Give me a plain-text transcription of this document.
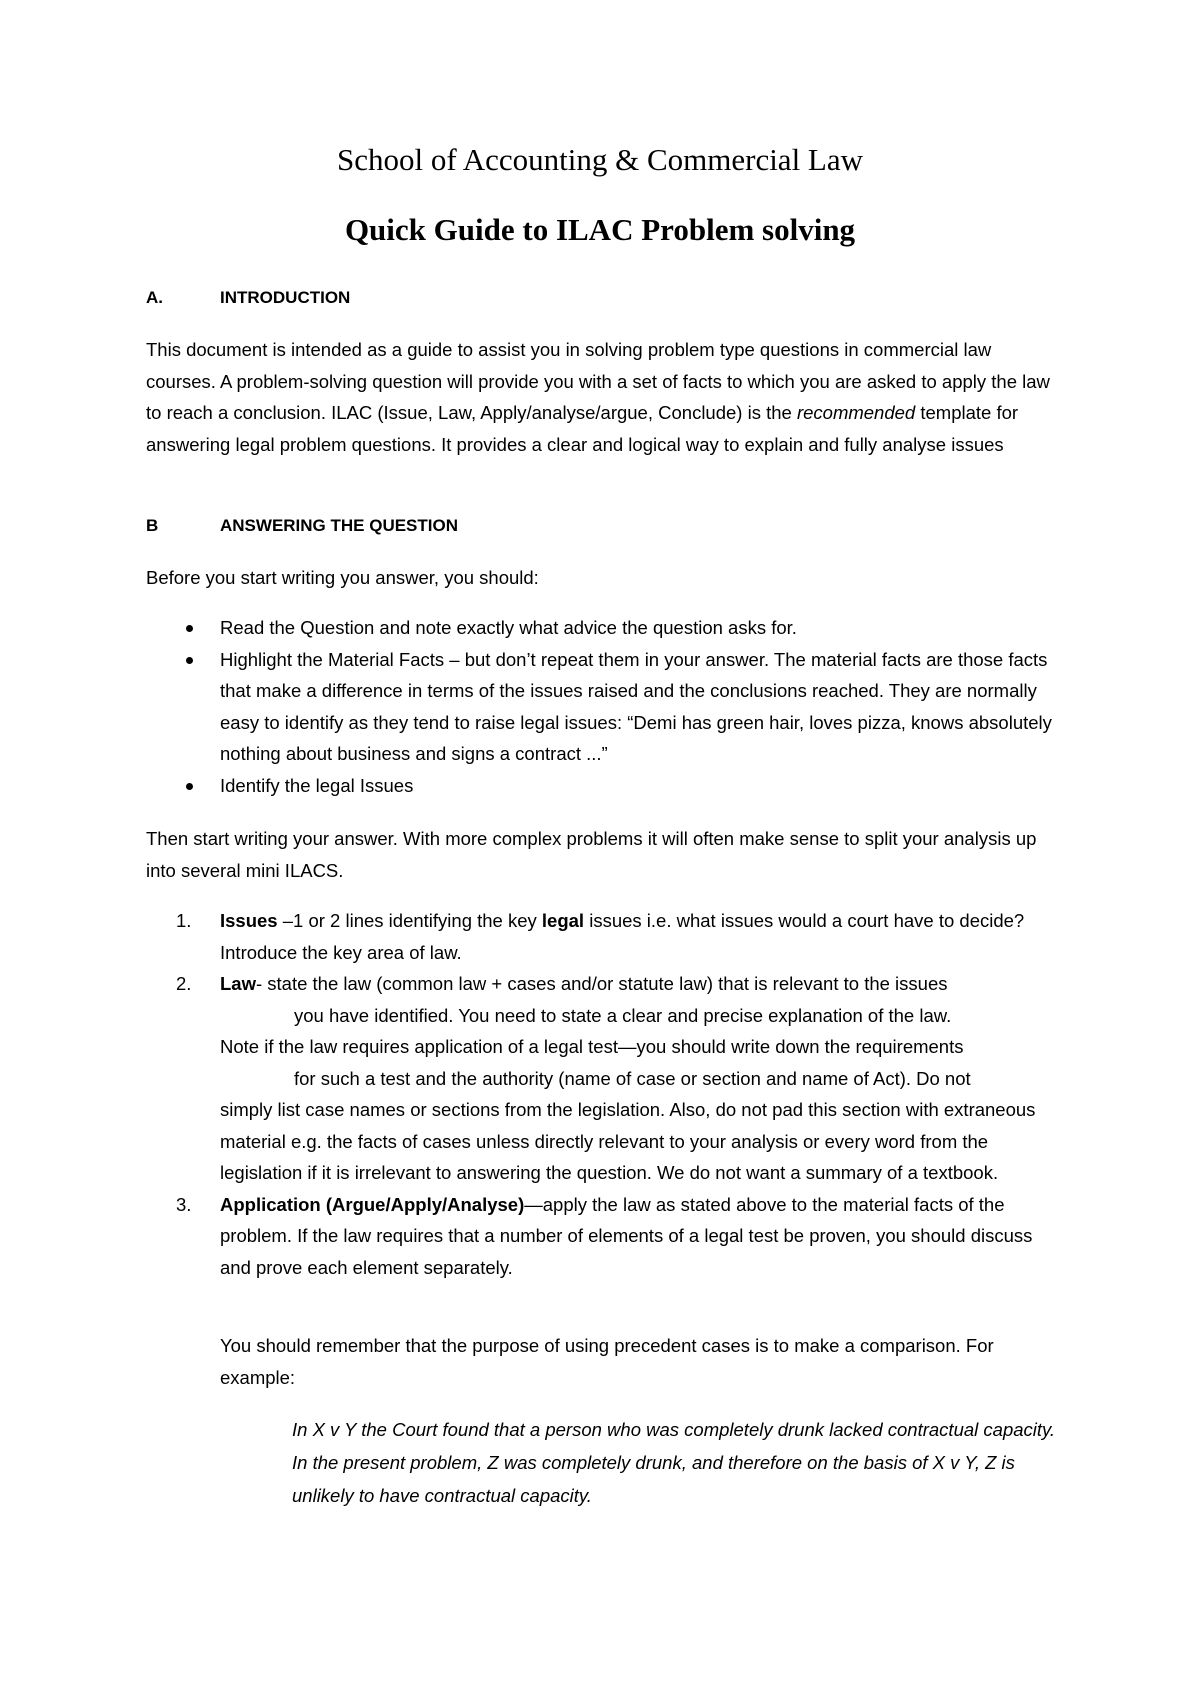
School of Accounting & Commercial Law
Quick Guide to ILAC Problem solving
A.	INTRODUCTION

This document is intended as a guide to assist you in solving problem type questions in commercial law courses. A problem-solving question will provide you with a set of facts to which you are asked to apply the law to reach a conclusion. ILAC (Issue, Law, Apply/analyse/argue, Conclude) is the recommended template for answering legal problem questions. It provides a clear and logical way to explain and fully analyse issues

B	ANSWERING THE QUESTION

Before you start writing you answer, you should:

Read the Question and note exactly what advice the question asks for.
Highlight the Material Facts – but don’t repeat them in your answer. The material facts are those facts that make a difference in terms of the issues raised and the conclusions reached. They are normally easy to identify as they tend to raise legal issues: “Demi has green hair, loves pizza, knows absolutely nothing about business and signs a contract ...”
Identify the legal Issues

Then start writing your answer. With more complex problems it will often make sense to split your analysis up into several mini ILACS.

1. Issues –1 or 2 lines identifying the key legal issues i.e. what issues would a court have to decide? Introduce the key area of law.
2. Law- state the law (common law + cases and/or statute law) that is relevant to the issues

you have identified. You need to state a clear and precise explanation of the law.
Note if the law requires application of a legal test—you should write down the requirements

for such a test and the authority (name of case or section and name of Act). Do not
simply list case names or sections from the legislation. Also, do not pad this section with extraneous material e.g. the facts of cases unless directly relevant to your analysis or every word from the legislation if it is irrelevant to answering the question. We do not want a summary of a textbook.
3. Application (Argue/Apply/Analyse)—apply the law as stated above to the material facts of the problem. If the law requires that a number of elements of a legal test be proven, you should discuss and prove each element separately.

You should remember that the purpose of using precedent cases is to make a comparison. For example:

In X v Y the Court found that a person who was completely drunk lacked contractual capacity. In the present problem, Z was completely drunk, and therefore on the basis of X v Y, Z is unlikely to have contractual capacity.
